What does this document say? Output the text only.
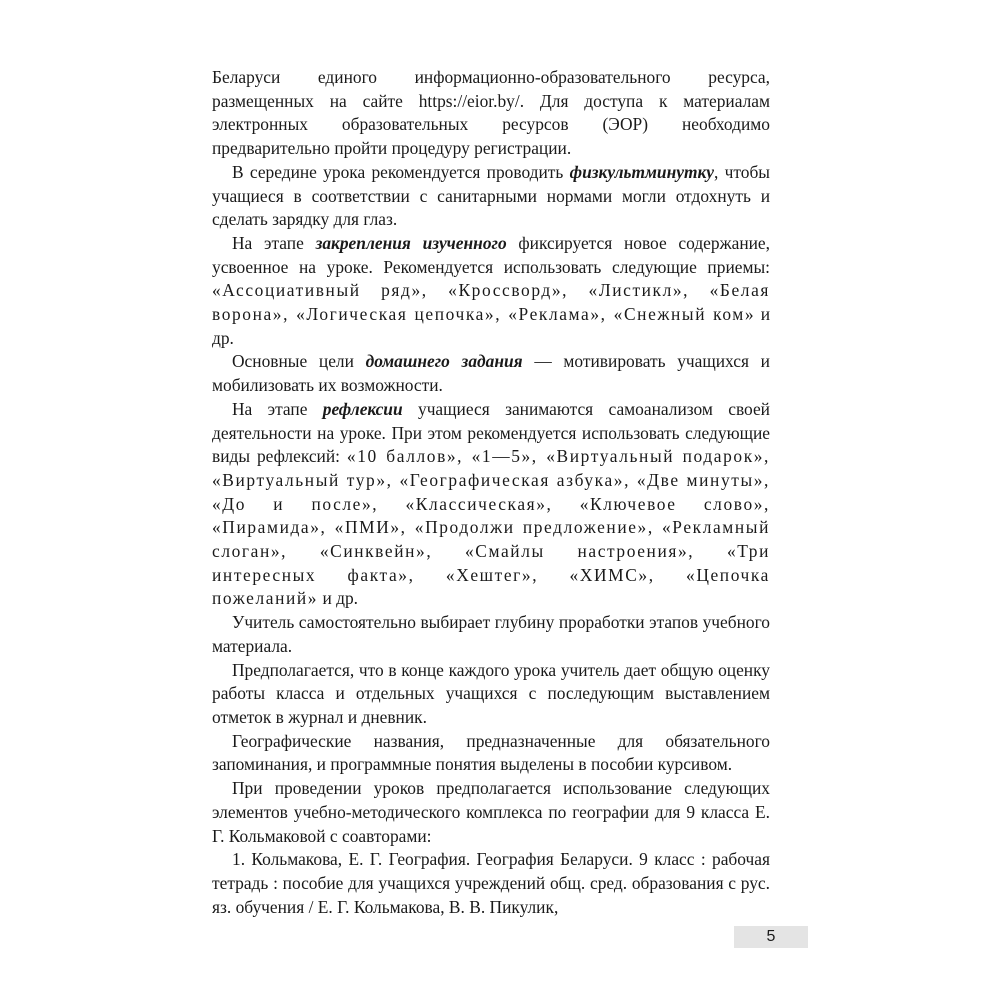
Беларуси единого информационно-образовательного ресурса, размещенных на сайте https://eior.by/. Для доступа к материалам электронных образовательных ресурсов (ЭОР) необходимо предварительно пройти процедуру регистрации.

В середине урока рекомендуется проводить физкультминутку, чтобы учащиеся в соответствии с санитарными нормами могли отдохнуть и сделать зарядку для глаз.

На этапе закрепления изученного фиксируется новое содержание, усвоенное на уроке. Рекомендуется использовать следующие приемы: «Ассоциативный ряд», «Кроссворд», «Листикл», «Белая ворона», «Логическая цепочка», «Реклама», «Снежный ком» и др.

Основные цели домашнего задания — мотивировать учащихся и мобилизовать их возможности.

На этапе рефлексии учащиеся занимаются самоанализом своей деятельности на уроке. При этом рекомендуется использовать следующие виды рефлексий: «10 баллов», «1—5», «Виртуальный подарок», «Виртуальный тур», «Географическая азбука», «Две минуты», «До и после», «Классическая», «Ключевое слово», «Пирамида», «ПМИ», «Продолжи предложение», «Рекламный слоган», «Синквейн», «Смайлы настроения», «Три интересных факта», «Хештег», «ХИМС», «Цепочка пожеланий» и др.

Учитель самостоятельно выбирает глубину проработки этапов учебного материала.

Предполагается, что в конце каждого урока учитель дает общую оценку работы класса и отдельных учащихся с последующим выставлением отметок в журнал и дневник.

Географические названия, предназначенные для обязательного запоминания, и программные понятия выделены в пособии курсивом.

При проведении уроков предполагается использование следующих элементов учебно-методического комплекса по географии для 9 класса Е. Г. Кольмаковой с соавторами:

1. Кольмакова, Е. Г. География. География Беларуси. 9 класс : рабочая тетрадь : пособие для учащихся учреждений общ. сред. образования с рус. яз. обучения / Е. Г. Кольмакова, В. В. Пикулик,

5
